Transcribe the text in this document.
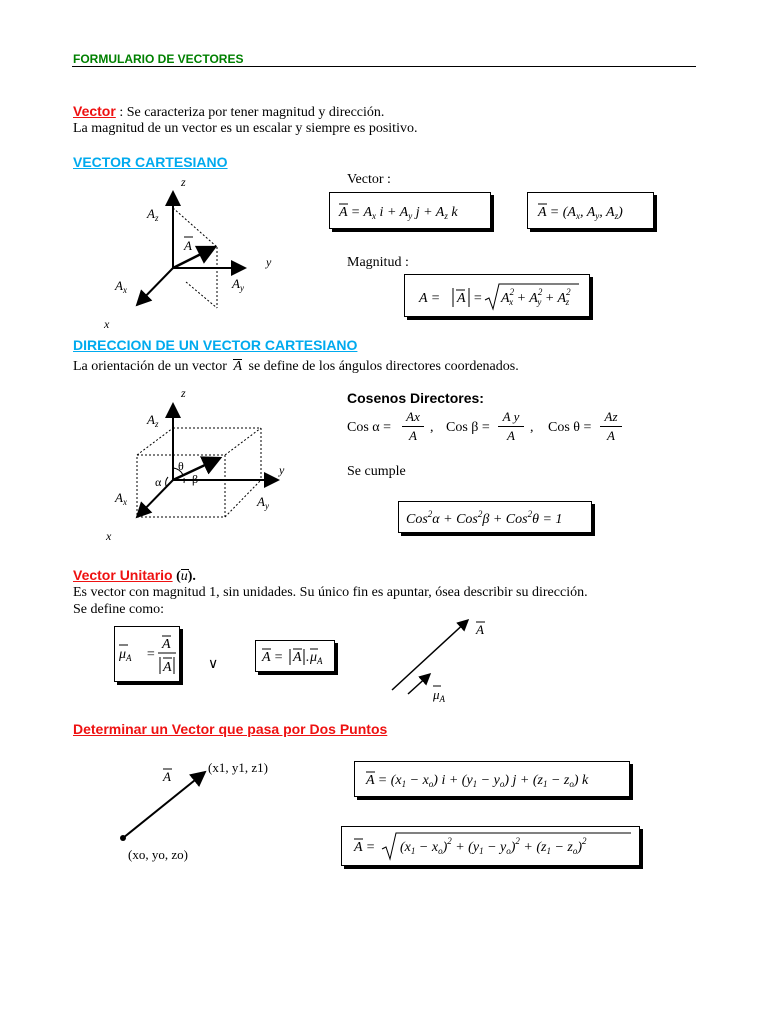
FORMULARIO DE VECTORES
Vector : Se caracteriza por tener magnitud y dirección.
La magnitud de un vector es un escalar y siempre es positivo.
VECTOR CARTESIANO
z
y
x
$A_z$
A
$A_x$	$A_y$
Vector :
$A = A_x$ $i + A_y$ $j + A_z$ k	$A = (A_x$, $A_y$, $A_z$)
Magnitud :
$A = A = A^2$ $x + A^2$ $y + A^2$ z
DIRECCION DE UN VECTOR CARTESIANO
La orientación de un vector A se define de los ángulos directores coordenados.
z
y
x
$A_z$
$A_x$	$A_y$
θ
α	β
Cosenos Directores:
Cos α =
Ax
A
, Cos β =
A y
A
, Cos θ =
Az
A
Se cumple
Cos$^2$α + Cos$^2$β + Cos$^2$θ = 1
Vector Unitario (u
).
Es vector con magnitud 1, sin unidades. Su único fin es apuntar, ósea describir su dirección.
Se define como:
$\mu_A$ =
A
A	∨	A = A . $\mu_A$
A
$\mu_A$
Determinar un Vector que pasa por Dos Puntos
A
(x1, y1, z1)
(xo, yo, zo)
$A = (x_1 - x_o) i + (y_1 - y_o) j + (z_1 - z_o)$ k
$A = (x_1 - x_o)^2 + (y_1 - y_o)^2 + (z_1 - z_o)^2$
